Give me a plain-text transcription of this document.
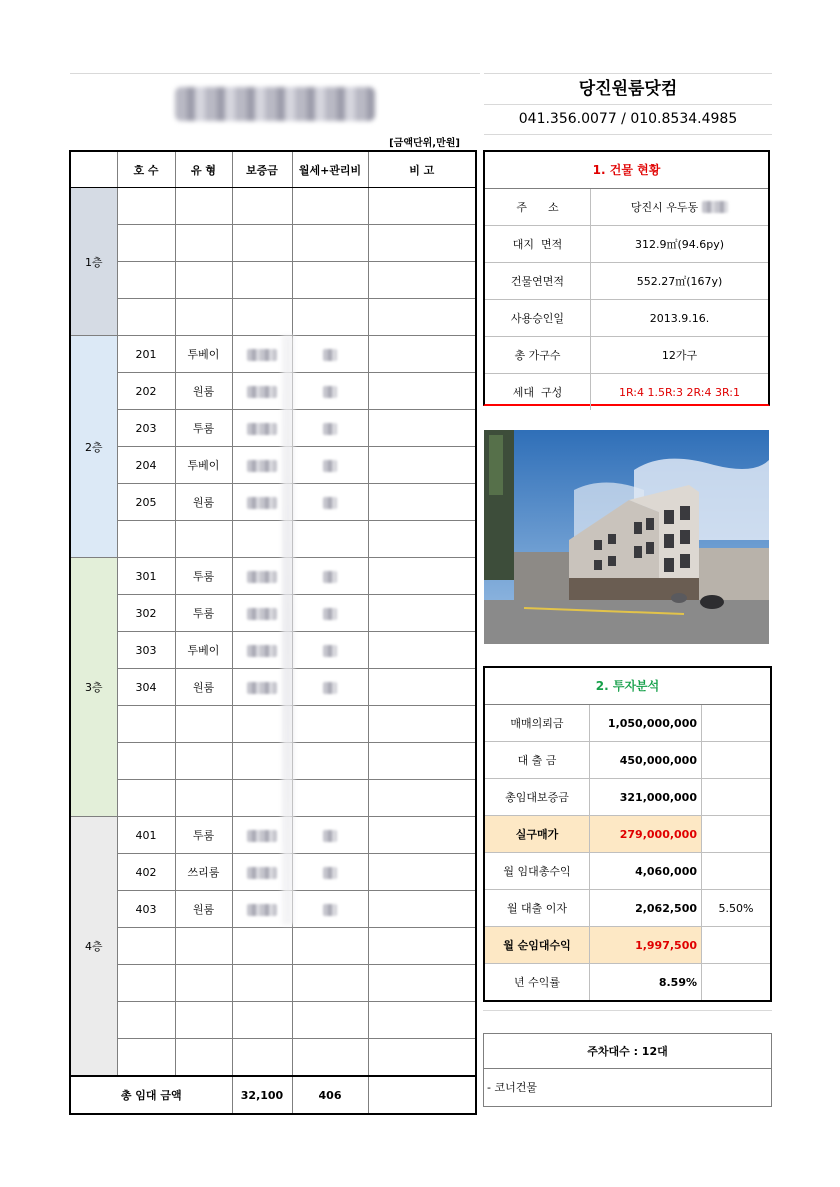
[금액단위,만원]
당진원룸닷컴
041.356.0077 / 010.8534.4985
	호 수	유 형	보증금	월세+관리비	비 고
1층					

2층	201	투베이			
	202	원룸			
	203	투룸			
	204	투베이			
	205	원룸			

3층	301	투룸			
	302	투룸			
	303	투베이			
	304	원룸			

4층	401	투룸			
	402	쓰리룸			
	403	원룸			

총 임대 금액			32,100	406	
1. 건물 현황
주      소	당진시 우두동
대지  면적	312.9㎡(94.6py)
건물연면적	552.27㎡(167y)
사용승인일	2013.9.16.
총 가구수	12가구
세대  구성	1R:4 1.5R:3 2R:4 3R:1
2. 투자분석
매매의뢰금	1,050,000,000
대 출 금	450,000,000
총임대보증금	321,000,000
실구매가	279,000,000
월 임대총수익	4,060,000
월 대출 이자	2,062,500	5.50%
월 순임대수익	1,997,500
년 수익률	8.59%
주차대수 : 12대
- 코너건물
